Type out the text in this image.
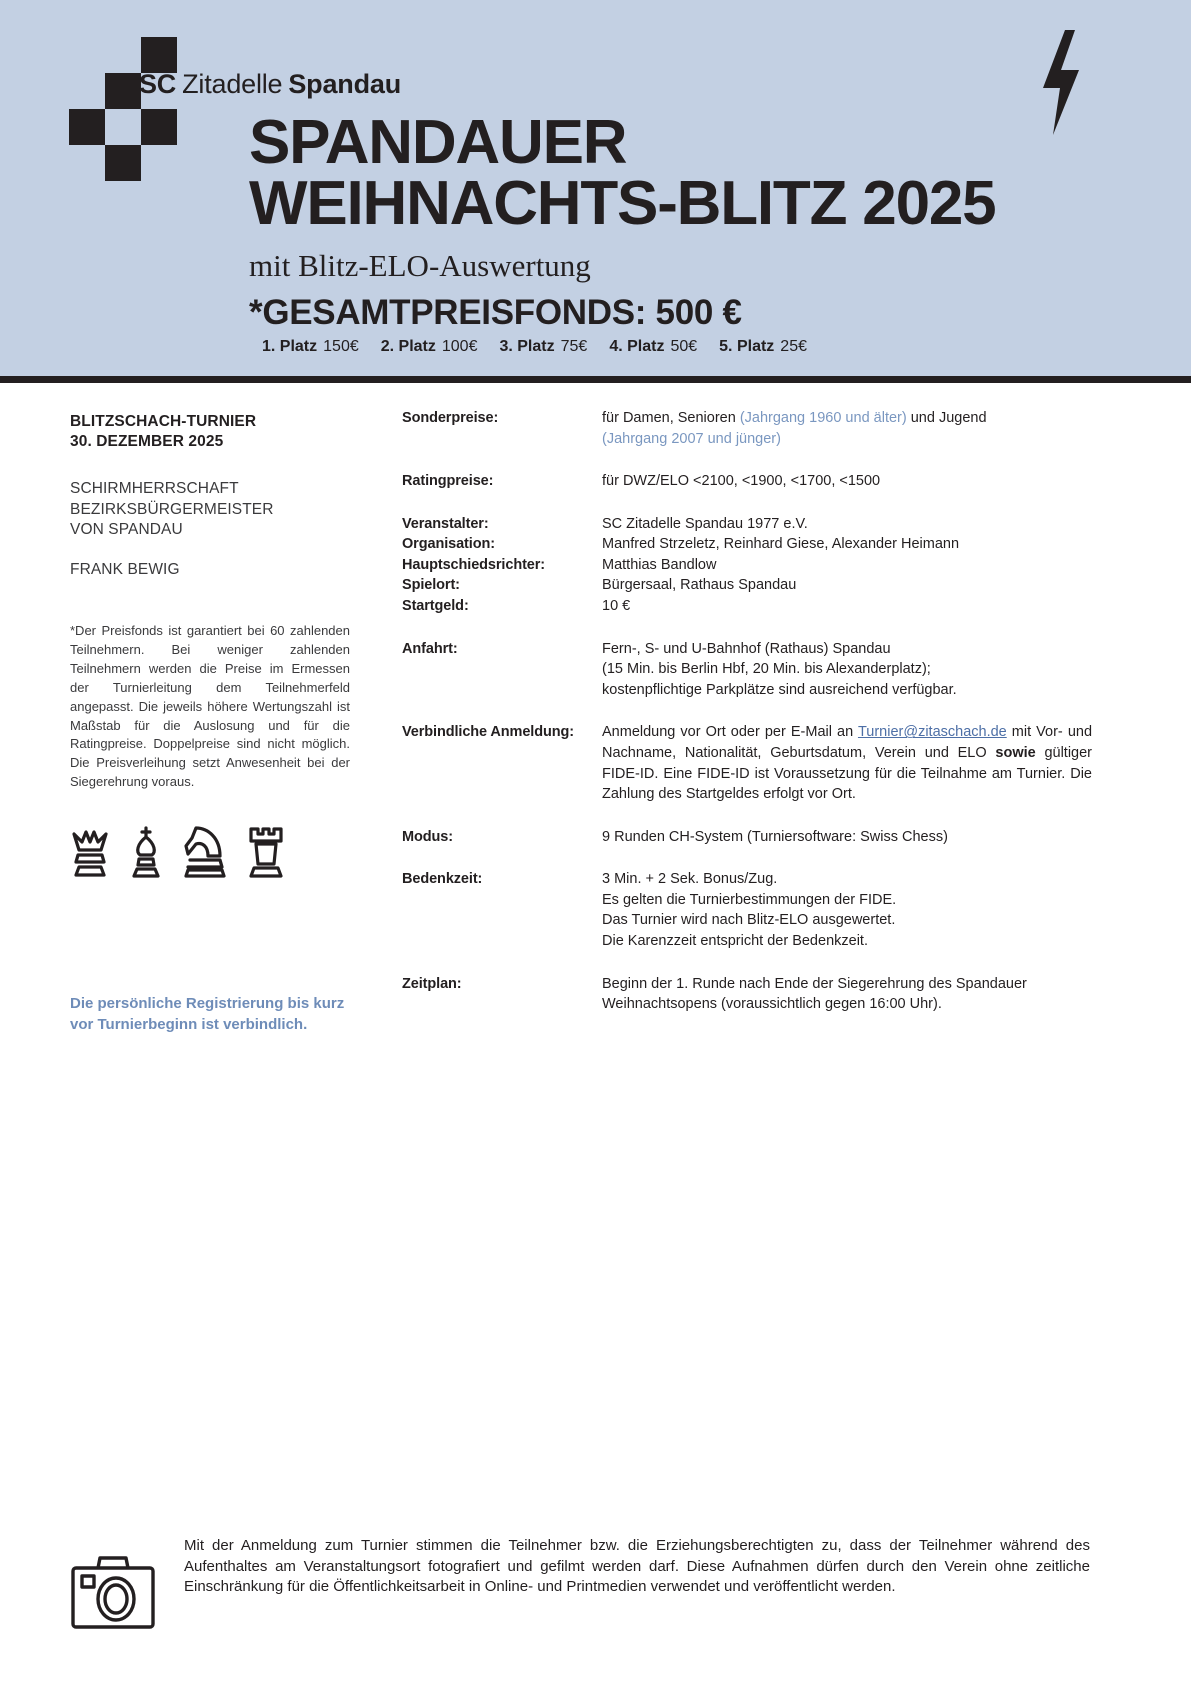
SC Zitadelle Spandau
SPANDAUER
WEIHNACHTS-BLITZ 2025
mit Blitz-ELO-Auswertung
*GESAMTPREISFONDS: 500 €
1. Platz 150€ 2. Platz 100€ 3. Platz 75€ 4. Platz 50€ 5. Platz 25€
BLITZSCHACH-TURNIER
30. DEZEMBER 2025
SCHIRMHERRSCHAFT
BEZIRKSBÜRGERMEISTER
VON SPANDAU
FRANK BEWIG
*Der Preisfonds ist garantiert bei 60 zahlenden Teilnehmern. Bei weniger zahlenden Teilnehmern werden die Preise im Ermessen der Turnierleitung dem Teilnehmerfeld angepasst. Die jeweils höhere Wertungszahl ist Maßstab für die Auslosung und für die Ratingpreise. Doppelpreise sind nicht möglich. Die Preisverleihung setzt Anwesenheit bei der Siegerehrung voraus.
Die persönliche Registrierung bis kurz vor Turnierbeginn ist verbindlich.
Sonderpreise:	für Damen, Senioren (Jahrgang 1960 und älter) und Jugend
(Jahrgang 2007 und jünger)
Ratingpreise:	für DWZ/ELO <2100, <1900, <1700, <1500
Veranstalter:	SC Zitadelle Spandau 1977 e.V.
Organisation:	Manfred Strzeletz, Reinhard Giese, Alexander Heimann
Hauptschiedsrichter:	Matthias Bandlow
Spielort:	Bürgersaal, Rathaus Spandau
Startgeld:	10 €
Anfahrt:	Fern-, S- und U-Bahnhof (Rathaus) Spandau
(15 Min. bis Berlin Hbf, 20 Min. bis Alexanderplatz);
kostenpflichtige Parkplätze sind ausreichend verfügbar.
Verbindliche Anmeldung:	Anmeldung vor Ort oder per E-Mail an Turnier@zitaschach.de mit Vor- und Nachname, Nationalität, Geburtsdatum, Verein und ELO sowie gültiger FIDE-ID. Eine FIDE-ID ist Voraussetzung für die Teilnahme am Turnier. Die Zahlung des Startgeldes erfolgt vor Ort.
Modus:	9 Runden CH-System (Turniersoftware: Swiss Chess)
Bedenkzeit:	3 Min. + 2 Sek. Bonus/Zug.
Es gelten die Turnierbestimmungen der FIDE.
Das Turnier wird nach Blitz-ELO ausgewertet.
Die Karenzzeit entspricht der Bedenkzeit.
Zeitplan:	Beginn der 1. Runde nach Ende der Siegerehrung des Spandauer
Weihnachtsopens (voraussichtlich gegen 16:00 Uhr).
Mit der Anmeldung zum Turnier stimmen die Teilnehmer bzw. die Erziehungsberechtigten zu, dass der Teilnehmer während des Aufenthaltes am Veranstaltungsort fotografiert und gefilmt werden darf. Diese Aufnahmen dürfen durch den Verein ohne zeitliche Einschränkung für die Öffentlichkeitsarbeit in Online- und Printmedien verwendet und veröffentlicht werden.
